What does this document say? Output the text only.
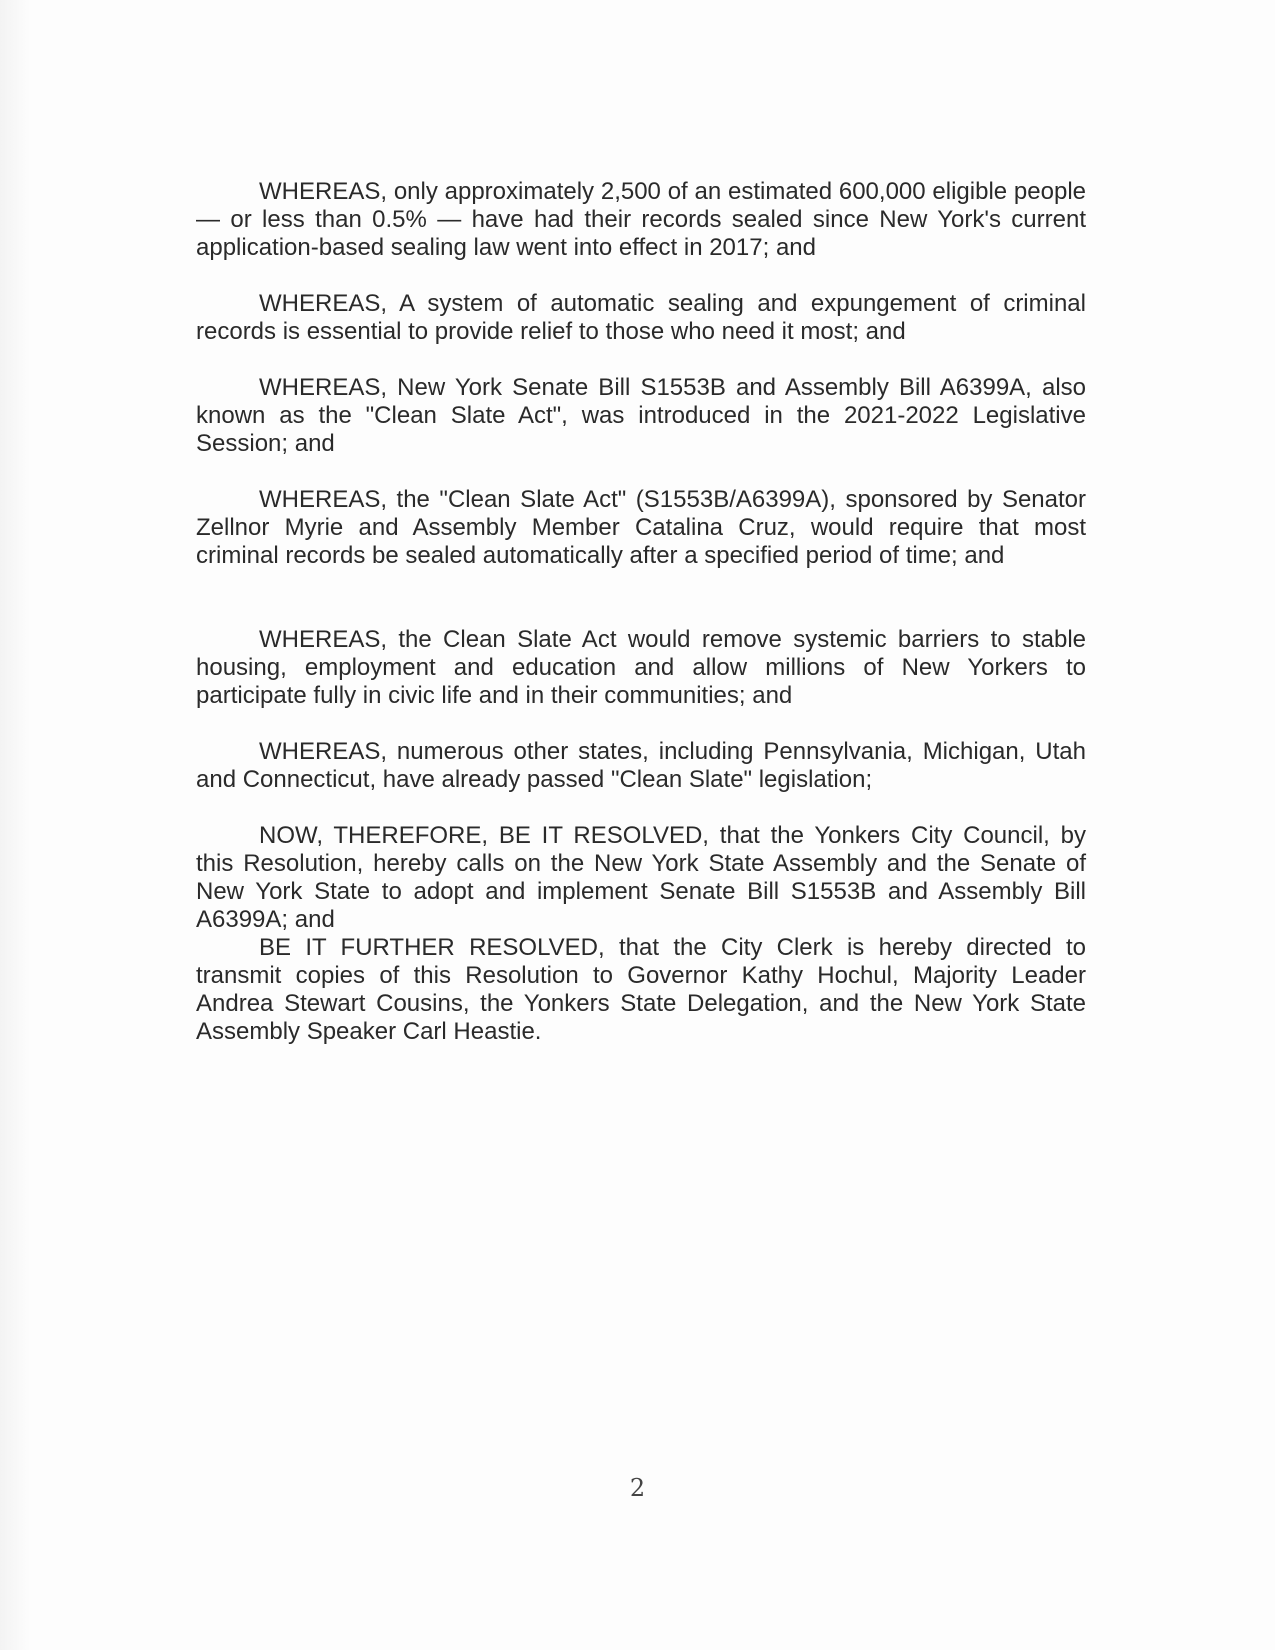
WHEREAS, only approximately 2,500 of an estimated 600,000 eligible people — or less than 0.5% — have had their records sealed since New York's current application-based sealing law went into effect in 2017; and

WHEREAS, A system of automatic sealing and expungement of criminal records is essential to provide relief to those who need it most; and

WHEREAS, New York Senate Bill S1553B and Assembly Bill A6399A, also known as the "Clean Slate Act", was introduced in the 2021-2022 Legislative Session; and

WHEREAS, the "Clean Slate Act" (S1553B/A6399A), sponsored by Senator Zellnor Myrie and Assembly Member Catalina Cruz, would require that most criminal records be sealed automatically after a specified period of time; and

WHEREAS, the Clean Slate Act would remove systemic barriers to stable housing, employment and education and allow millions of New Yorkers to participate fully in civic life and in their communities; and

WHEREAS, numerous other states, including Pennsylvania, Michigan, Utah and Connecticut, have already passed "Clean Slate" legislation;

NOW, THEREFORE, BE IT RESOLVED, that the Yonkers City Council, by this Resolution, hereby calls on the New York State Assembly and the Senate of New York State to adopt and implement Senate Bill S1553B and Assembly Bill A6399A; and

BE IT FURTHER RESOLVED, that the City Clerk is hereby directed to transmit copies of this Resolution to Governor Kathy Hochul, Majority Leader Andrea Stewart Cousins, the Yonkers State Delegation, and the New York State Assembly Speaker Carl Heastie.

2
